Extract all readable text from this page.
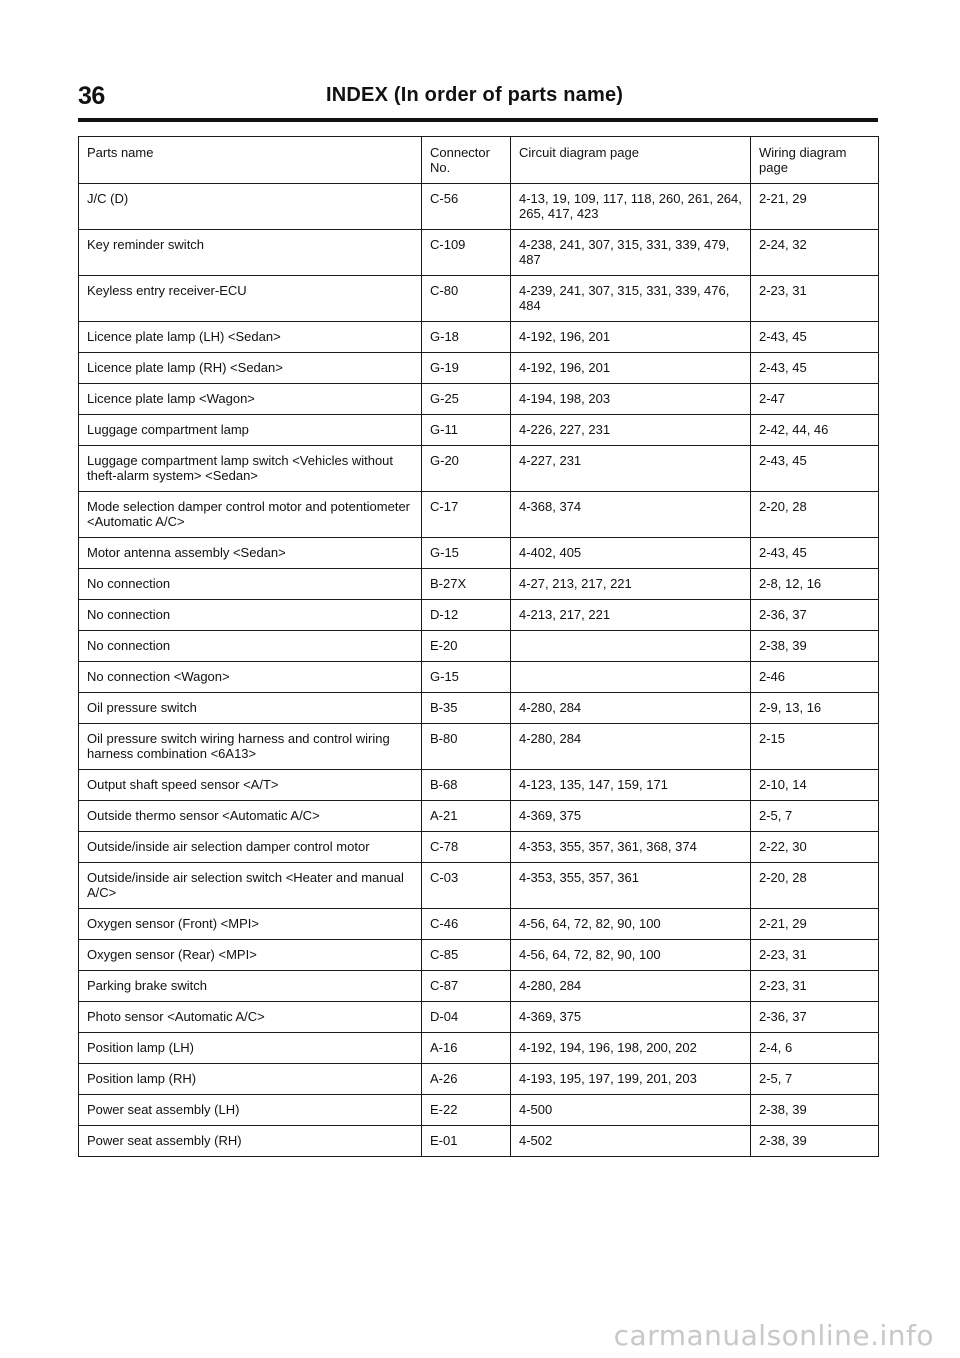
36	INDEX (In order of parts name)
Parts name	Connector No.	Circuit diagram page	Wiring diagram page
J/C (D)	C-56	4-13, 19, 109, 117, 118, 260, 261, 264, 265, 417, 423	2-21, 29
Key reminder switch	C-109	4-238, 241, 307, 315, 331, 339, 479, 487	2-24, 32
Keyless entry receiver-ECU	C-80	4-239, 241, 307, 315, 331, 339, 476, 484	2-23, 31
Licence plate lamp (LH) <Sedan>	G-18	4-192, 196, 201	2-43, 45
Licence plate lamp (RH) <Sedan>	G-19	4-192, 196, 201	2-43, 45
Licence plate lamp <Wagon>	G-25	4-194, 198, 203	2-47
Luggage compartment lamp	G-11	4-226, 227, 231	2-42, 44, 46
Luggage compartment lamp switch <Vehicles without theft-alarm system> <Sedan>	G-20	4-227, 231	2-43, 45
Mode selection damper control motor and potentiometer <Automatic A/C>	C-17	4-368, 374	2-20, 28
Motor antenna assembly <Sedan>	G-15	4-402, 405	2-43, 45
No connection	B-27X	4-27, 213, 217, 221	2-8, 12, 16
No connection	D-12	4-213, 217, 221	2-36, 37
No connection	E-20		2-38, 39
No connection <Wagon>	G-15		2-46
Oil pressure switch	B-35	4-280, 284	2-9, 13, 16
Oil pressure switch wiring harness and control wiring harness combination <6A13>	B-80	4-280, 284	2-15
Output shaft speed sensor <A/T>	B-68	4-123, 135, 147, 159, 171	2-10, 14
Outside thermo sensor <Automatic A/C>	A-21	4-369, 375	2-5, 7
Outside/inside air selection damper control motor	C-78	4-353, 355, 357, 361, 368, 374	2-22, 30
Outside/inside air selection switch <Heater and manual A/C>	C-03	4-353, 355, 357, 361	2-20, 28
Oxygen sensor (Front) <MPI>	C-46	4-56, 64, 72, 82, 90, 100	2-21, 29
Oxygen sensor (Rear) <MPI>	C-85	4-56, 64, 72, 82, 90, 100	2-23, 31
Parking brake switch	C-87	4-280, 284	2-23, 31
Photo sensor <Automatic A/C>	D-04	4-369, 375	2-36, 37
Position lamp (LH)	A-16	4-192, 194, 196, 198, 200, 202	2-4, 6
Position lamp (RH)	A-26	4-193, 195, 197, 199, 201, 203	2-5, 7
Power seat assembly (LH)	E-22	4-500	2-38, 39
Power seat assembly (RH)	E-01	4-502	2-38, 39
carmanualsonline.info
